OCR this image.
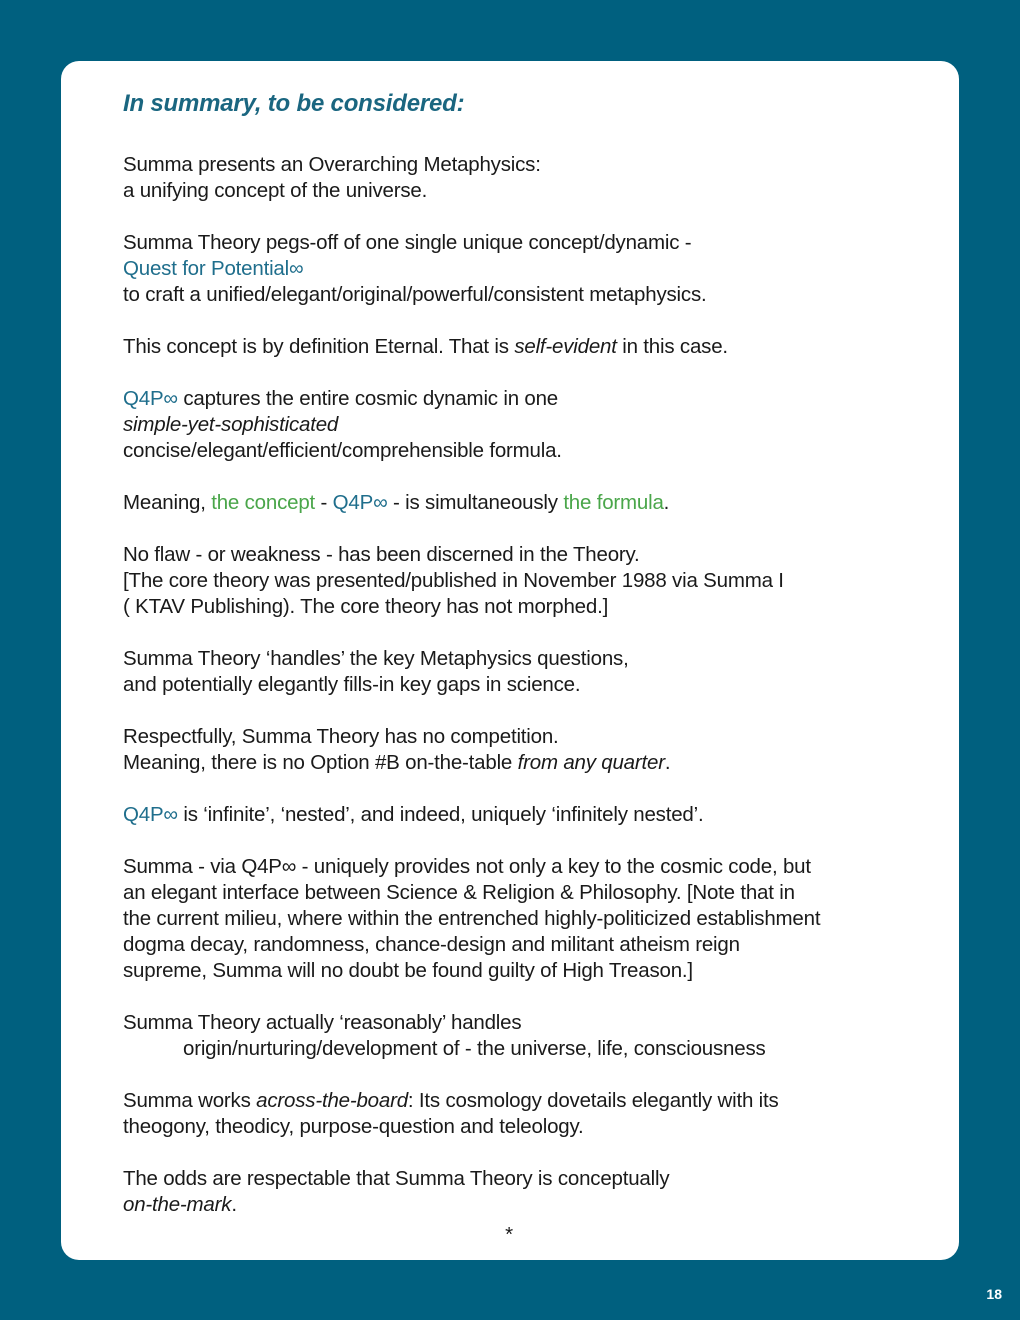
In summary, to be considered:

Summa presents an Overarching Metaphysics:
a unifying concept of the universe.

Summa Theory pegs-off of one single unique concept/dynamic -
Quest for Potential∞
to craft a unified/elegant/original/powerful/consistent metaphysics.

This concept is by definition Eternal. That is self-evident in this case.

Q4P∞ captures the entire cosmic dynamic in one
simple-yet-sophisticated
concise/elegant/efficient/comprehensible formula.

Meaning, the concept - Q4P∞ - is simultaneously the formula.

No flaw - or weakness - has been discerned in the Theory.
[The core theory was presented/published in November 1988 via Summa I
( KTAV Publishing). The core theory has not morphed.]

Summa Theory ‘handles’ the key Metaphysics questions,
and potentially elegantly fills-in key gaps in science.

Respectfully, Summa Theory has no competition.
Meaning, there is no Option #B on-the-table from any quarter.

Q4P∞ is ‘infinite’, ‘nested’, and indeed, uniquely ‘infinitely nested’.

Summa - via Q4P∞ - uniquely provides not only a key to the cosmic code, but
an elegant interface between Science & Religion & Philosophy. [Note that in
the current milieu, where within the entrenched highly-politicized establishment
dogma decay, randomness, chance-design and militant atheism reign
supreme, Summa will no doubt be found guilty of High Treason.]

Summa Theory actually ‘reasonably’ handles
origin/nurturing/development of - the universe, life, consciousness

Summa works across-the-board: Its cosmology dovetails elegantly with its
theogony, theodicy, purpose-question and teleology.

The odds are respectable that Summa Theory is conceptually
on-the-mark.

*

18
